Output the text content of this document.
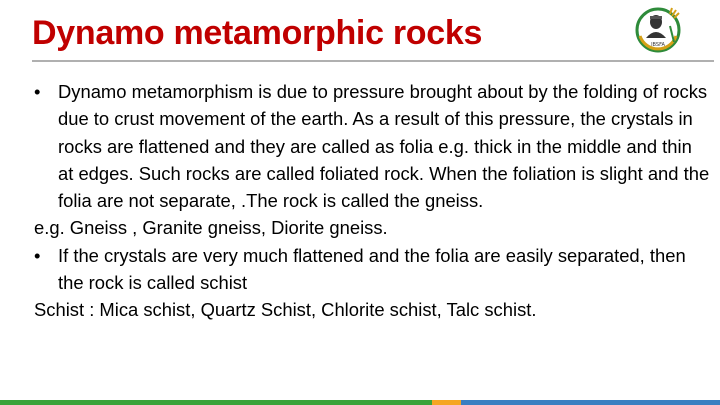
Dynamo metamorphic rocks	IBSFA
• Dynamo metamorphism is due to pressure brought about by the folding of rocks due to crust movement of the earth. As a result of this pressure, the crystals in rocks are flattened and they are called as folia e.g. thick in the middle and thin at edges. Such rocks are called foliated rock. When the foliation is slight and the folia are not separate, .The rock is called the gneiss.
e.g. Gneiss , Granite gneiss, Diorite gneiss.
• If the crystals are very much flattened and the folia are easily separated, then the rock is called schist
Schist : Mica schist, Quartz Schist, Chlorite schist, Talc schist.
